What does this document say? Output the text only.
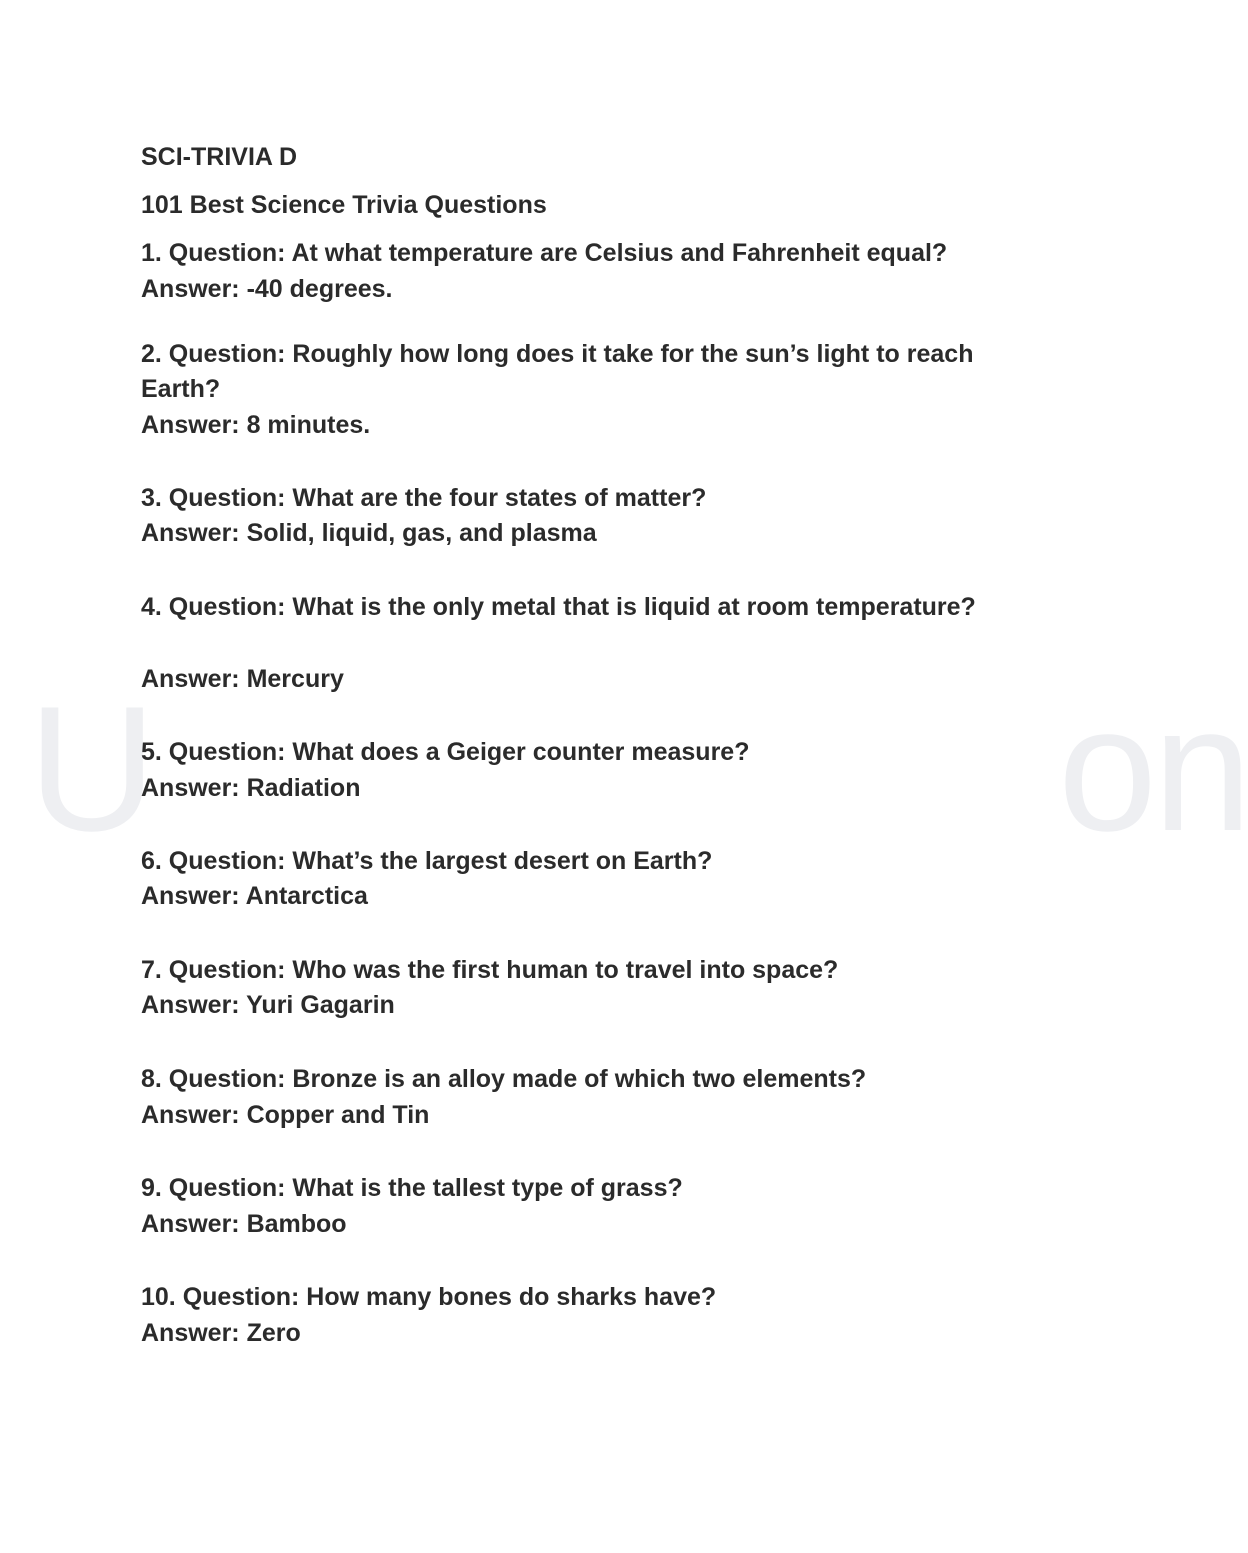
U	on
SCI-TRIVIA D
101 Best Science Trivia Questions
1. Question: At what temperature are Celsius and Fahrenheit equal?
Answer: -40 degrees.
2. Question: Roughly how long does it take for the sun’s light to reach
Earth?
Answer: 8 minutes.
3. Question: What are the four states of matter?
Answer: Solid, liquid, gas, and plasma
4. Question: What is the only metal that is liquid at room temperature?
Answer: Mercury
5. Question: What does a Geiger counter measure?
Answer: Radiation
6. Question: What’s the largest desert on Earth?
Answer: Antarctica
7. Question: Who was the first human to travel into space?
Answer: Yuri Gagarin
8. Question: Bronze is an alloy made of which two elements?
Answer: Copper and Tin
9. Question: What is the tallest type of grass?
Answer: Bamboo
10. Question: How many bones do sharks have?
Answer: Zero
